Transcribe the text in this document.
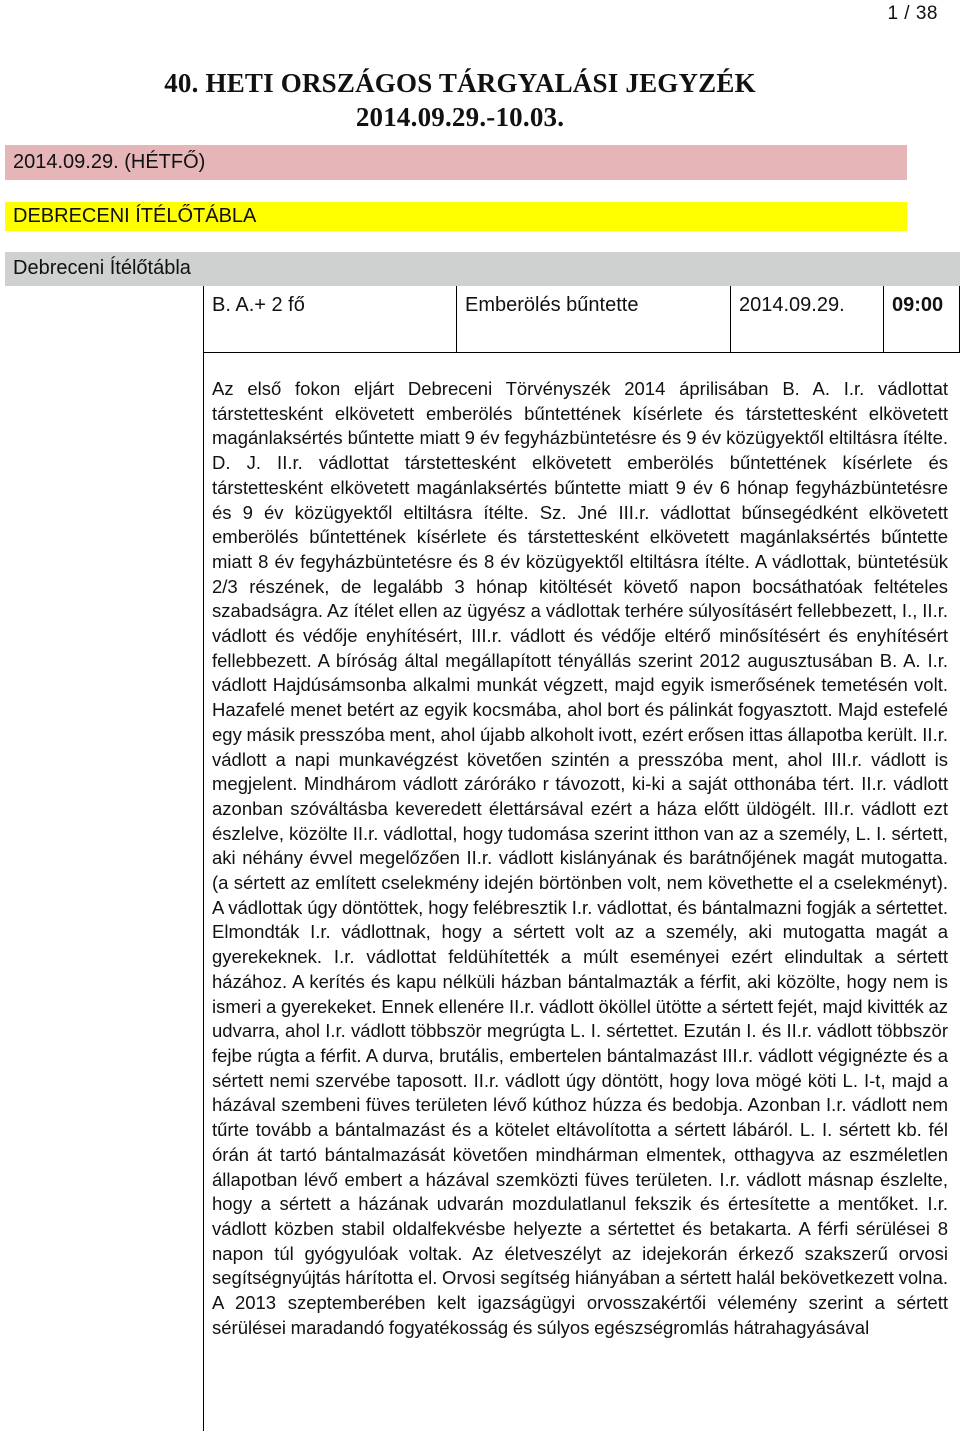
1 / 38
40. HETI ORSZÁGOS TÁRGYALÁSI JEGYZÉK
2014.09.29.-10.03.
2014.09.29. (HÉTFŐ)
DEBRECENI ÍTÉLŐTÁBLA
Debreceni Ítélőtábla
B. A.+ 2 fő	Emberölés bűntette	2014.09.29. 09:00
Az első fokon eljárt Debreceni Törvényszék 2014 áprilisában B. A. I.r. vádlottat társtettesként elkövetett emberölés bűntettének kísérlete és társtettesként elkövetett magánlaksértés bűntette miatt 9 év fegyházbüntetésre és 9 év közügyektől eltiltásra ítélte. D. J. II.r. vádlottat társtettesként elkövetett emberölés bűntettének kísérlete és társtettesként elkövetett magánlaksértés bűntette miatt 9 év 6 hónap fegyházbüntetésre és 9 év közügyektől eltiltásra ítélte. Sz. Jné III.r. vádlottat bűnsegédként elkövetett emberölés bűntettének kísérlete és társtettesként elkövetett magánlaksértés bűntette miatt 8 év fegyházbüntetésre és 8 év közügyektől eltiltásra ítélte. A vádlottak, büntetésük 2/3 részének, de legalább 3 hónap kitöltését követő napon bocsáthatóak feltételes szabadságra. Az ítélet ellen az ügyész a vádlottak terhére súlyosításért fellebbezett, I., II.r. vádlott és védője enyhítésért, III.r. vádlott és védője eltérő minősítésért és enyhítésért fellebbezett. A bíróság által megállapított tényállás szerint 2012 augusztusában B. A. I.r. vádlott Hajdúsámsonba alkalmi munkát végzett, majd egyik ismerősének temetésén volt. Hazafelé menet betért az egyik kocsmába, ahol bort és pálinkát fogyasztott. Majd estefelé egy másik presszóba ment, ahol újabb alkoholt ivott, ezért erősen ittas állapotba került. II.r. vádlott a napi munkavégzést követően szintén a presszóba ment, ahol III.r. vádlott is megjelent. Mindhárom vádlott záróráko r távozott, ki-ki a saját otthonába tért. II.r. vádlott azonban szóváltásba keveredett élettársával ezért a háza előtt üldögélt. III.r. vádlott ezt észlelve, közölte II.r. vádlottal, hogy tudomása szerint itthon van az a személy, L. I. sértett, aki néhány évvel megelőzően II.r. vádlott kislányának és barátnőjének magát mutogatta. (a sértett az említett cselekmény idején börtönben volt, nem követhette el a cselekményt). A vádlottak úgy döntöttek, hogy felébresztik I.r. vádlottat, és bántalmazni fogják a sértettet. Elmondták I.r. vádlottnak, hogy a sértett volt az a személy, aki mutogatta magát a gyerekeknek. I.r. vádlottat feldühítették a múlt eseményei ezért elindultak a sértett házához. A kerítés és kapu nélküli házban bántalmazták a férfit, aki közölte, hogy nem is ismeri a gyerekeket. Ennek ellenére II.r. vádlott ököllel ütötte a sértett fejét, majd kivitték az udvarra, ahol I.r. vádlott többször megrúgta L. I. sértettet. Ezután I. és II.r. vádlott többször fejbe rúgta a férfit. A durva, brutális, embertelen bántalmazást III.r. vádlott végignézte és a sértett nemi szervébe taposott. II.r. vádlott úgy döntött, hogy lova mögé köti L. I-t, majd a házával szembeni füves területen lévő kúthoz húzza és bedobja. Azonban I.r. vádlott nem tűrte tovább a bántalmazást és a kötelet eltávolította a sértett lábáról. L. I. sértett kb. fél órán át tartó bántalmazását követően mindhárman elmentek, otthagyva az eszméletlen állapotban lévő embert a házával szemközti füves területen. I.r. vádlott másnap észlelte, hogy a sértett a házának udvarán mozdulatlanul fekszik és értesítette a mentőket. I.r. vádlott közben stabil oldalfekvésbe helyezte a sértettet és betakarta. A férfi sérülései 8 napon túl gyógyulóak voltak. Az életveszélyt az idejekorán érkező szakszerű orvosi segítségnyújtás hárította el. Orvosi segítség hiányában a sértett halál bekövetkezett volna. A 2013 szeptemberében kelt igazságügyi orvosszakértői vélemény szerint a sértett sérülései maradandó fogyatékosság és súlyos egészségromlás hátrahagyásával
